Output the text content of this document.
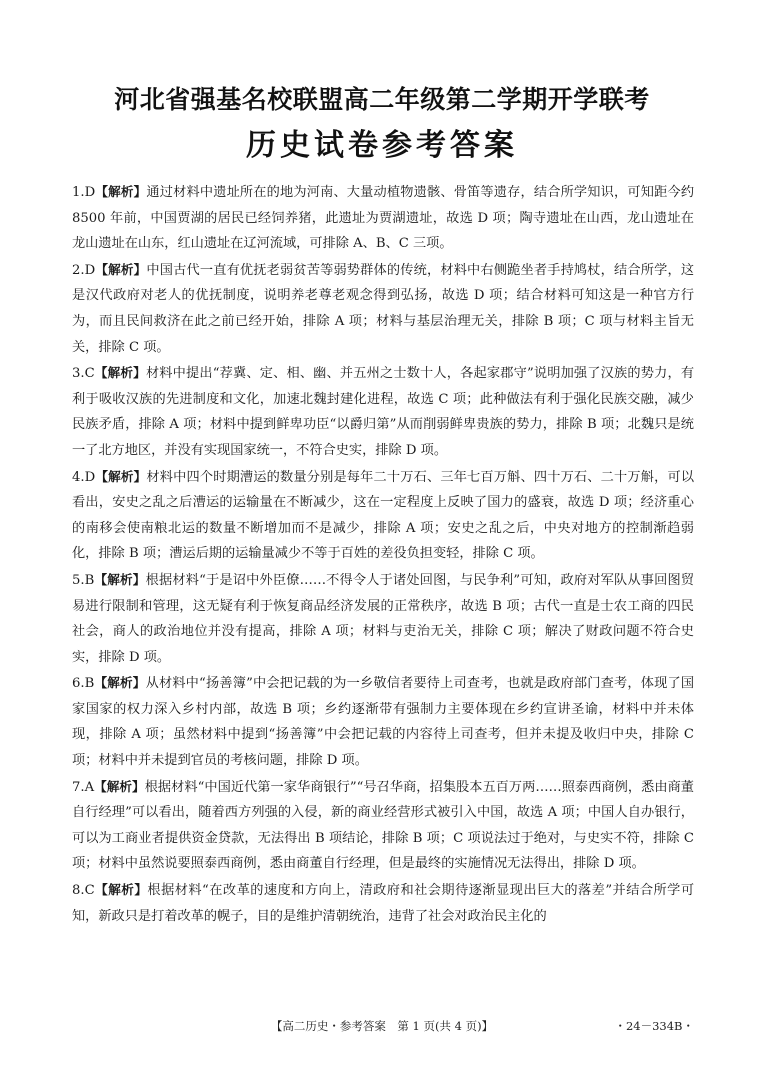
河北省强基名校联盟高二年级第二学期开学联考
历史试卷参考答案

1.D【解析】通过材料中遗址所在的地为河南、大量动植物遗骸、骨笛等遗存，结合所学知识，可知距今约 8500 年前，中国贾湖的居民已经饲养猪，此遗址为贾湖遗址，故选 D 项；陶寺遗址在山西，龙山遗址在龙山遗址在山东，红山遗址在辽河流域，可排除 A、B、C 三项。

2.D【解析】中国古代一直有优抚老弱贫苦等弱势群体的传统，材料中右侧跪坐者手持鸠杖，结合所学，这是汉代政府对老人的优抚制度，说明养老尊老观念得到弘扬，故选 D 项；结合材料可知这是一种官方行为，而且民间救济在此之前已经开始，排除 A 项；材料与基层治理无关，排除 B 项；C 项与材料主旨无关，排除 C 项。

3.C【解析】材料中提出“荐冀、定、相、幽、并五州之士数十人，各起家郡守”说明加强了汉族的势力，有利于吸收汉族的先进制度和文化，加速北魏封建化进程，故选 C 项；此种做法有利于强化民族交融，减少民族矛盾，排除 A 项；材料中提到鲜卑功臣“以爵归第”从而削弱鲜卑贵族的势力，排除 B 项；北魏只是统一了北方地区，并没有实现国家统一，不符合史实，排除 D 项。

4.D【解析】材料中四个时期漕运的数量分别是每年二十万石、三年七百万斛、四十万石、二十万斛，可以看出，安史之乱之后漕运的运输量在不断减少，这在一定程度上反映了国力的盛衰，故选 D 项；经济重心的南移会使南粮北运的数量不断增加而不是减少，排除 A 项；安史之乱之后，中央对地方的控制渐趋弱化，排除 B 项；漕运后期的运输量减少不等于百姓的差役负担变轻，排除 C 项。

5.B【解析】根据材料“于是诏中外臣僚……不得令人于诸处回图，与民争利”可知，政府对军队从事回图贸易进行限制和管理，这无疑有利于恢复商品经济发展的正常秩序，故选 B 项；古代一直是士农工商的四民社会，商人的政治地位并没有提高，排除 A 项；材料与吏治无关，排除 C 项；解决了财政问题不符合史实，排除 D 项。

6.B【解析】从材料中“扬善簿”中会把记载的为一乡敬信者要待上司查考，也就是政府部门查考，体现了国家国家的权力深入乡村内部，故选 B 项；乡约逐渐带有强制力主要体现在乡约宣讲圣谕，材料中并未体现，排除 A 项；虽然材料中提到“扬善簿”中会把记载的内容待上司查考，但并未提及收归中央，排除 C 项；材料中并未提到官员的考核问题，排除 D 项。

7.A【解析】根据材料“中国近代第一家华商银行”“号召华商，招集股本五百万两……照泰西商例，悉由商董自行经理”可以看出，随着西方列强的入侵，新的商业经营形式被引入中国，故选 A 项；中国人自办银行，可以为工商业者提供资金贷款，无法得出 B 项结论，排除 B 项；C 项说法过于绝对，与史实不符，排除 C 项；材料中虽然说要照泰西商例，悉由商董自行经理，但是最终的实施情况无法得出，排除 D 项。

8.C【解析】根据材料“在改革的速度和方向上，清政府和社会期待逐渐显现出巨大的落差”并结合所学可知，新政只是打着改革的幌子，目的是维护清朝统治，违背了社会对政治民主化的

【高二历史・参考答案　第 1 页(共 4 页)】	・24－334B・
